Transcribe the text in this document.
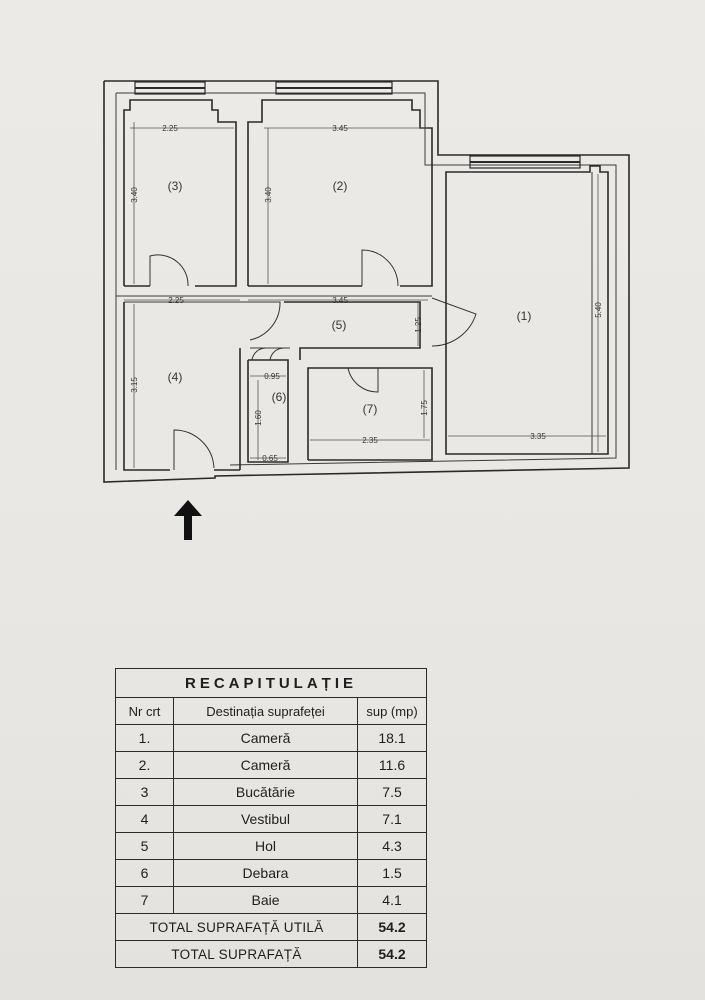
2.25
3.40
3.45
3.40
2.25
3.15
3.45
1.25
0.95
1.60
0.65
2.35
1.75
3.35
5.40
(3)	(2)
(1)
(4)
(5)
(6)
(7)
RECAPITULAȚIE		
Nr crt	Destinația suprafeței	sup (mp)
1.	Cameră	18.1
2.	Cameră	11.6
3	Bucătărie	7.5
4	Vestibul	7.1
5	Hol	4.3
6	Debara	1.5
7	Baie	4.1
TOTAL SUPRAFAȚĂ UTILĂ		54.2
TOTAL SUPRAFAȚĂ		54.2
